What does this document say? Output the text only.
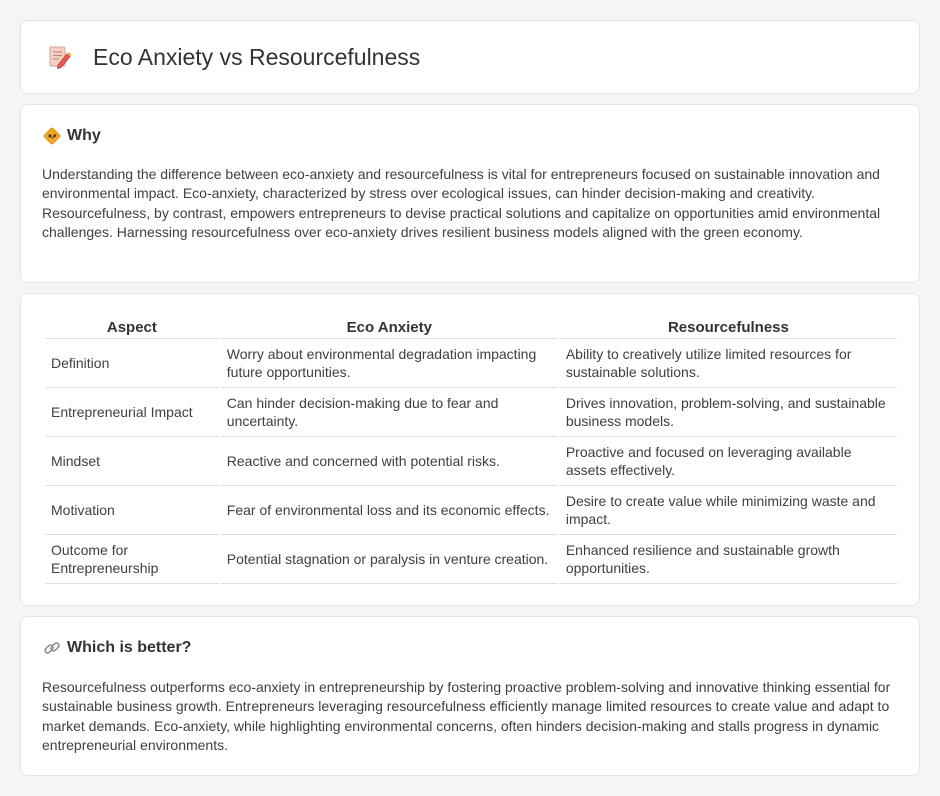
Eco Anxiety vs Resourcefulness
Why

Understanding the difference between eco-anxiety and resourcefulness is vital for entrepreneurs focused on sustainable innovation and environmental impact. Eco-anxiety, characterized by stress over ecological issues, can hinder decision-making and creativity. Resourcefulness, by contrast, empowers entrepreneurs to devise practical solutions and capitalize on opportunities amid environmental challenges. Harnessing resourcefulness over eco-anxiety drives resilient business models aligned with the green economy.

Aspect	Eco Anxiety	Resourcefulness
Definition	Worry about environmental degradation impacting future opportunities.	Ability to creatively utilize limited resources for sustainable solutions.
Entrepreneurial Impact	Can hinder decision-making due to fear and uncertainty.	Drives innovation, problem-solving, and sustainable business models.
Mindset	Reactive and concerned with potential risks.	Proactive and focused on leveraging available assets effectively.
Motivation	Fear of environmental loss and its economic effects.	Desire to create value while minimizing waste and impact.
Outcome for Entrepreneurship	Potential stagnation or paralysis in venture creation.	Enhanced resilience and sustainable growth opportunities.
Which is better?

Resourcefulness outperforms eco-anxiety in entrepreneurship by fostering proactive problem-solving and innovative thinking essential for sustainable business growth. Entrepreneurs leveraging resourcefulness efficiently manage limited resources to create value and adapt to market demands. Eco-anxiety, while highlighting environmental concerns, often hinders decision-making and stalls progress in dynamic entrepreneurial environments.
